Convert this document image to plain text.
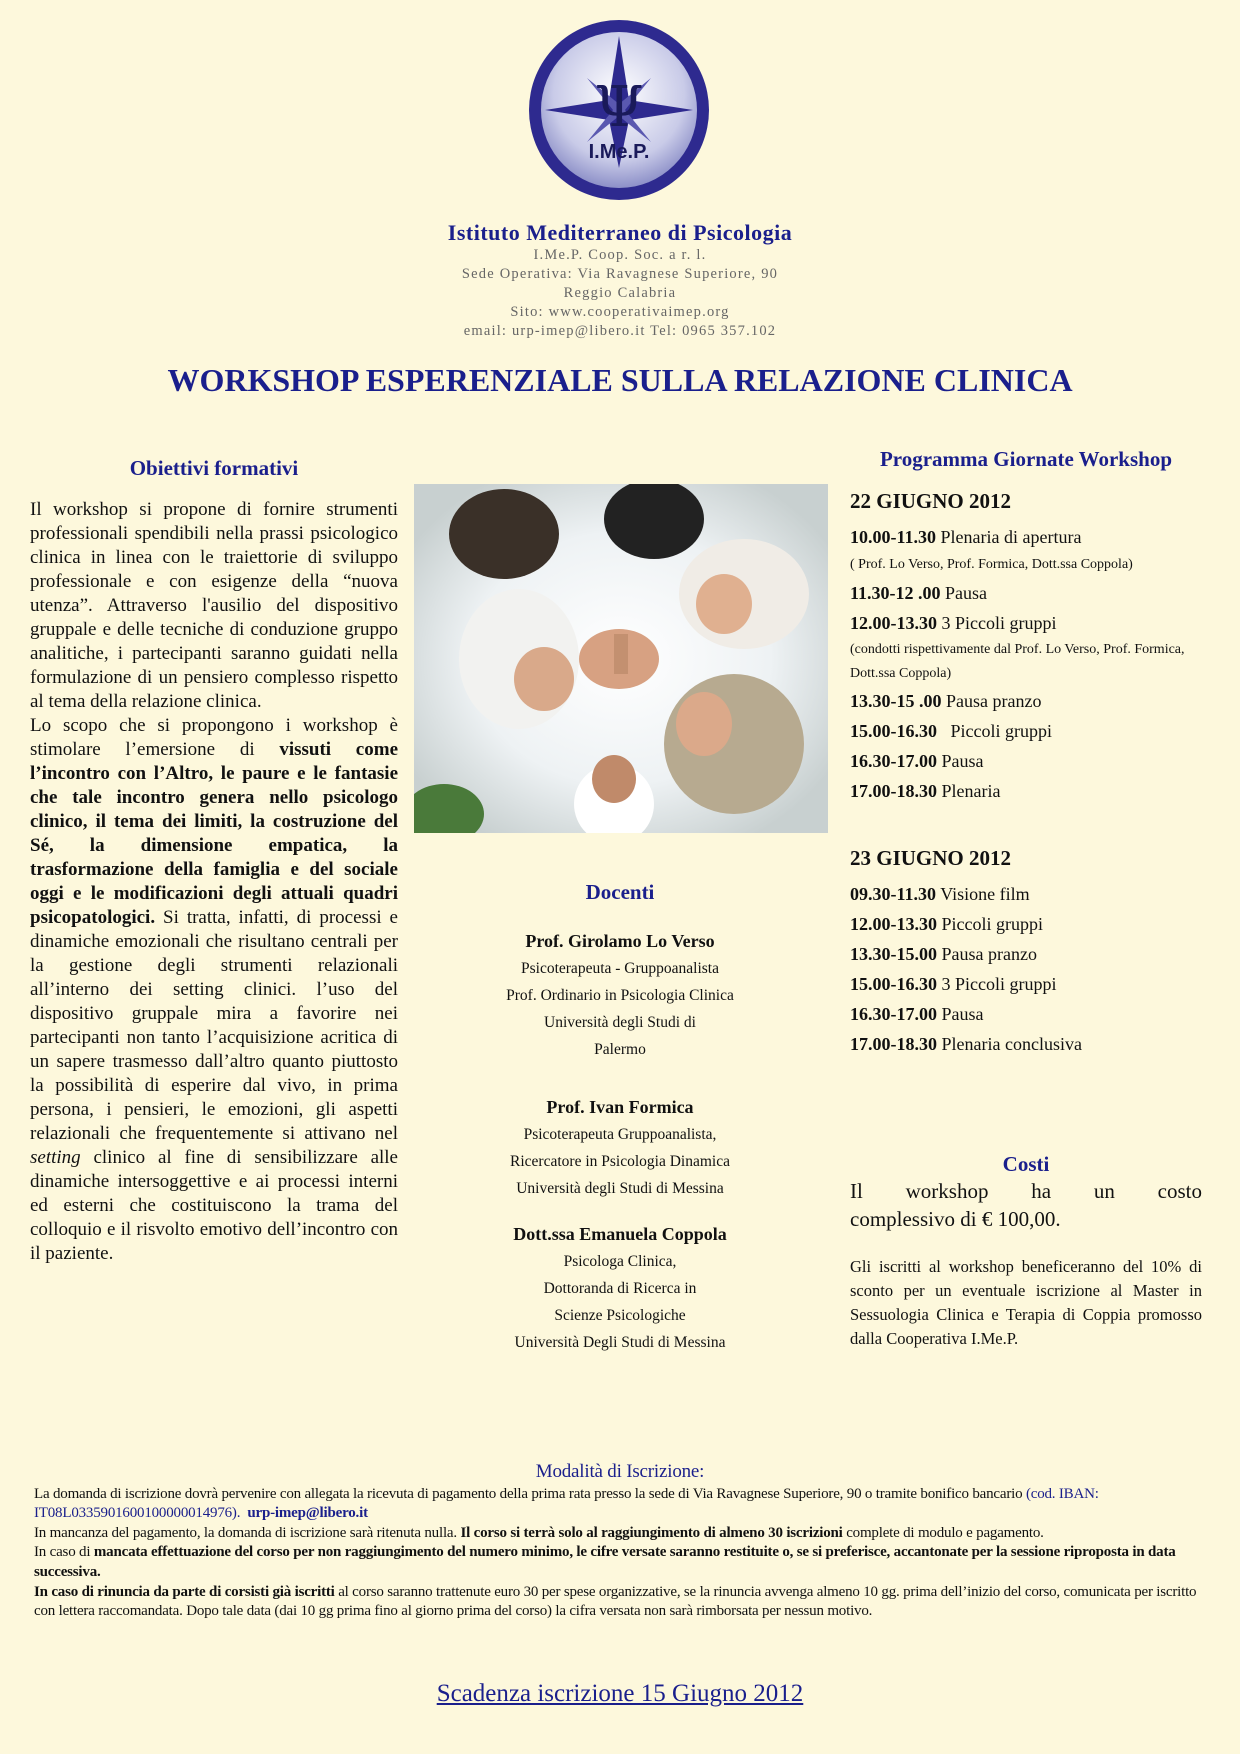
Ψ
I.Me.P.
Istituto Mediterraneo di Psicologia
I.Me.P. Coop. Soc. a r. l.
Sede Operativa: Via Ravagnese Superiore, 90
Reggio Calabria
Sito: www.cooperativaimep.org
email: urp-imep@libero.it Tel: 0965 357.102
WORKSHOP ESPERENZIALE SULLA RELAZIONE CLINICA
Obiettivi formativi

Il workshop si propone di fornire strumenti professionali spendibili nella prassi psicologico clinica in linea con le traiettorie di sviluppo professionale e con esigenze della “nuova utenza”. Attraverso l'ausilio del dispositivo gruppale e delle tecniche di conduzione gruppo analitiche, i partecipanti saranno guidati nella formulazione di un pensiero complesso rispetto al tema della relazione clinica.

Lo scopo che si propongono i workshop è stimolare l’emersione di vissuti come l’incontro con l’Altro, le paure e le fantasie che tale incontro genera nello psicologo clinico, il tema dei limiti, la costruzione del Sé, la dimensione empatica, la trasformazione della famiglia e del sociale oggi e le modificazioni degli attuali quadri psicopatologici. Si tratta, infatti, di processi e dinamiche emozionali che risultano centrali per la gestione degli strumenti relazionali all’interno dei setting clinici. l’uso del dispositivo gruppale mira a favorire nei partecipanti non tanto l’acquisizione acritica di un sapere trasmesso dall’altro quanto piuttosto la possibilità di esperire dal vivo, in prima persona, i pensieri, le emozioni, gli aspetti relazionali che frequentemente si attivano nel setting clinico al fine di sensibilizzare alle dinamiche intersoggettive e ai processi interni ed esterni che costituiscono la trama del colloquio e il risvolto emotivo dell’incontro con il paziente.

Programma Giornate Workshop
22 GIUGNO 2012
10.00-11.30 Plenaria di apertura
( Prof. Lo Verso, Prof. Formica, Dott.ssa Coppola)
11.30-12 .00 Pausa
12.00-13.30 3 Piccoli gruppi
(condotti rispettivamente dal Prof. Lo Verso, Prof. Formica, Dott.ssa Coppola)
13.30-15 .00 Pausa pranzo
15.00-16.30   Piccoli gruppi
16.30-17.00 Pausa
17.00-18.30 Plenaria
23 GIUGNO 2012
09.30-11.30 Visione film
12.00-13.30 Piccoli gruppi
13.30-15.00 Pausa pranzo
15.00-16.30 3 Piccoli gruppi
16.30-17.00 Pausa
17.00-18.30 Plenaria conclusiva
Docenti
Prof. Girolamo Lo Verso
Psicoterapeuta - Gruppoanalista
Prof. Ordinario in Psicologia Clinica
Università degli Studi di
Palermo
Prof. Ivan Formica
Psicoterapeuta Gruppoanalista,
Ricercatore in Psicologia Dinamica
Università degli Studi di Messina
Dott.ssa Emanuela Coppola
Psicologa Clinica,
Dottoranda di Ricerca in
Scienze Psicologiche
Università Degli Studi di Messina
Costi
Il workshop ha un costo
complessivo di € 100,00.
Gli iscritti al workshop beneficeranno del 10% di sconto per un eventuale iscrizione al Master in Sessuologia Clinica e Terapia di Coppia promosso dalla Cooperativa I.Me.P.
Modalità di Iscrizione:

La domanda di iscrizione dovrà pervenire con allegata la ricevuta di pagamento della prima rata presso la sede di Via Ravagnese Superiore, 90 o tramite bonifico bancario (cod. IBAN: IT08L0335901600100000014976). urp-imep@libero.it

In mancanza del pagamento, la domanda di iscrizione sarà ritenuta nulla. Il corso si terrà solo al raggiungimento di almeno 30 iscrizioni complete di modulo e pagamento.

In caso di mancata effettuazione del corso per non raggiungimento del numero minimo, le cifre versate saranno restituite o, se si preferisce, accantonate per la sessione riproposta in data successiva.

In caso di rinuncia da parte di corsisti già iscritti al corso saranno trattenute euro 30 per spese organizzative, se la rinuncia avvenga almeno 10 gg. prima dell’inizio del corso, comunicata per iscritto con lettera raccomandata. Dopo tale data (dai 10 gg prima fino al giorno prima del corso) la cifra versata non sarà rimborsata per nessun motivo.

Scadenza iscrizione 15 Giugno 2012
